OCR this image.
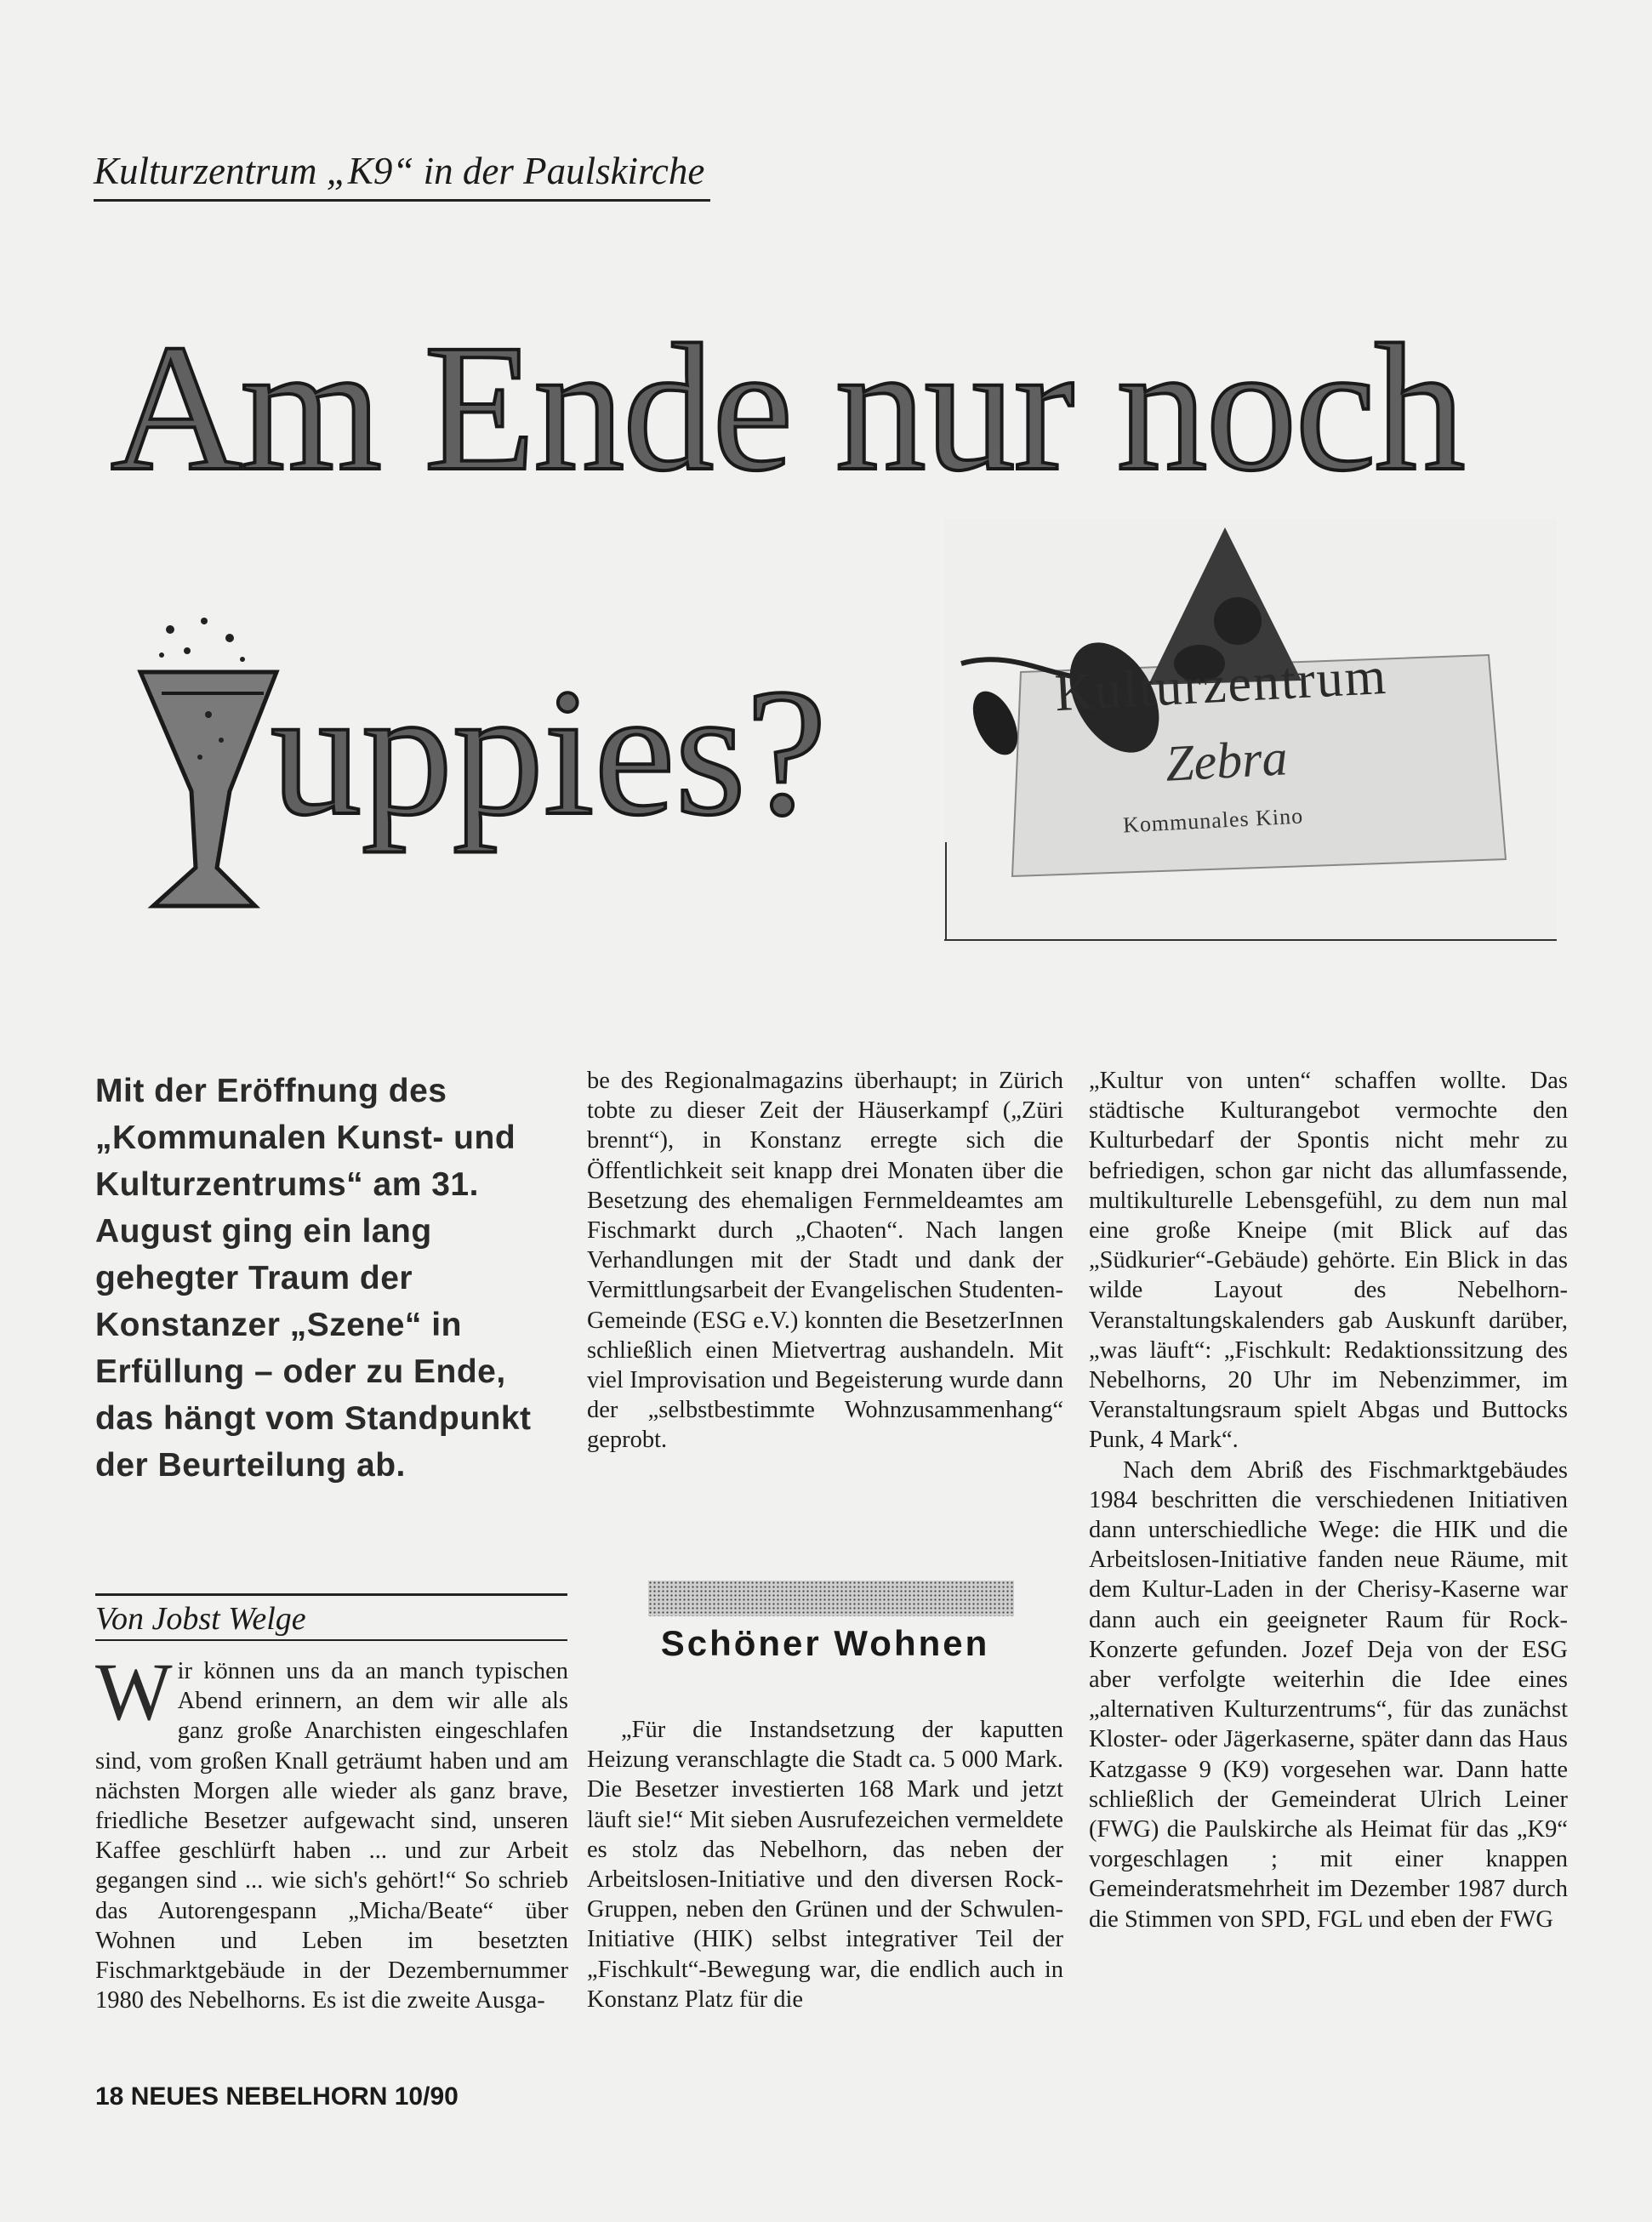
Kulturzentrum „K9“ in der Paulskirche
Am Ende nur noch
uppies?	Kulturzentrum
Zebra
Kommunales Kino
Mit der Eröffnung des „Kommunalen Kunst- und Kulturzentrums“ am 31. August ging ein lang gehegter Traum der Konstanzer „Szene“ in Erfüllung – oder zu Ende, das hängt vom Standpunkt der Beurteilung ab.
Von Jobst Welge
Wir können uns da an manch typischen Abend erinnern, an dem wir alle als ganz große Anarchisten eingeschlafen sind, vom großen Knall geträumt haben und am nächsten Morgen alle wieder als ganz brave, friedliche Besetzer aufgewacht sind, unseren Kaffee geschlürft haben ... und zur Arbeit gegangen sind ... wie sich's gehört!“ So schrieb das Autorengespann „Micha/Beate“ über Wohnen und Leben im besetzten Fischmarktgebäude in der Dezembernummer 1980 des Nebelhorns. Es ist die zweite Ausga-

be des Regionalmagazins überhaupt; in Zürich tobte zu dieser Zeit der Häuserkampf („Züri brennt“), in Konstanz erregte sich die Öffentlichkeit seit knapp drei Monaten über die Besetzung des ehemaligen Fernmeldeamtes am Fischmarkt durch „Chaoten“. Nach langen Verhandlungen mit der Stadt und dank der Vermittlungsarbeit der Evangelischen Studenten-Gemeinde (ESG e.V.) konnten die BesetzerInnen schließlich einen Mietvertrag aushandeln. Mit viel Improvisation und Begeisterung wurde dann der „selbstbestimmte Wohnzusammenhang“ geprobt.

Schöner Wohnen

„Für die Instandsetzung der kaputten Heizung veranschlagte die Stadt ca. 5 000 Mark. Die Besetzer investierten 168 Mark und jetzt läuft sie!“ Mit sieben Ausrufezeichen vermeldete es stolz das Nebelhorn, das neben der Arbeitslosen-Initiative und den diversen Rock-Gruppen, neben den Grünen und der Schwulen-Initiative (HIK) selbst integrativer Teil der „Fischkult“-Bewegung war, die endlich auch in Konstanz Platz für die

„Kultur von unten“ schaffen wollte. Das städtische Kulturangebot vermochte den Kulturbedarf der Spontis nicht mehr zu befriedigen, schon gar nicht das allumfassende, multikulturelle Lebensgefühl, zu dem nun mal eine große Kneipe (mit Blick auf das „Südkurier“-Gebäude) gehörte. Ein Blick in das wilde Layout des Nebelhorn-Veranstaltungskalenders gab Auskunft darüber, „was läuft“: „Fischkult: Redaktionssitzung des Nebelhorns, 20 Uhr im Nebenzimmer, im Veranstaltungsraum spielt Abgas und Buttocks Punk, 4 Mark“.

Nach dem Abriß des Fischmarktgebäudes 1984 beschritten die verschiedenen Initiativen dann unterschiedliche Wege: die HIK und die Arbeitslosen-Initiative fanden neue Räume, mit dem Kultur-Laden in der Cherisy-Kaserne war dann auch ein geeigneter Raum für Rock-Konzerte gefunden. Jozef Deja von der ESG aber verfolgte weiterhin die Idee eines „alternativen Kulturzentrums“, für das zunächst Kloster- oder Jägerkaserne, später dann das Haus Katzgasse 9 (K9) vorgesehen war. Dann hatte schließlich der Gemeinderat Ulrich Leiner (FWG) die Paulskirche als Heimat für das „K9“ vorgeschlagen ; mit einer knappen Gemeinderatsmehrheit im Dezember 1987 durch die Stimmen von SPD, FGL und eben der FWG

18 NEUES NEBELHORN 10/90
